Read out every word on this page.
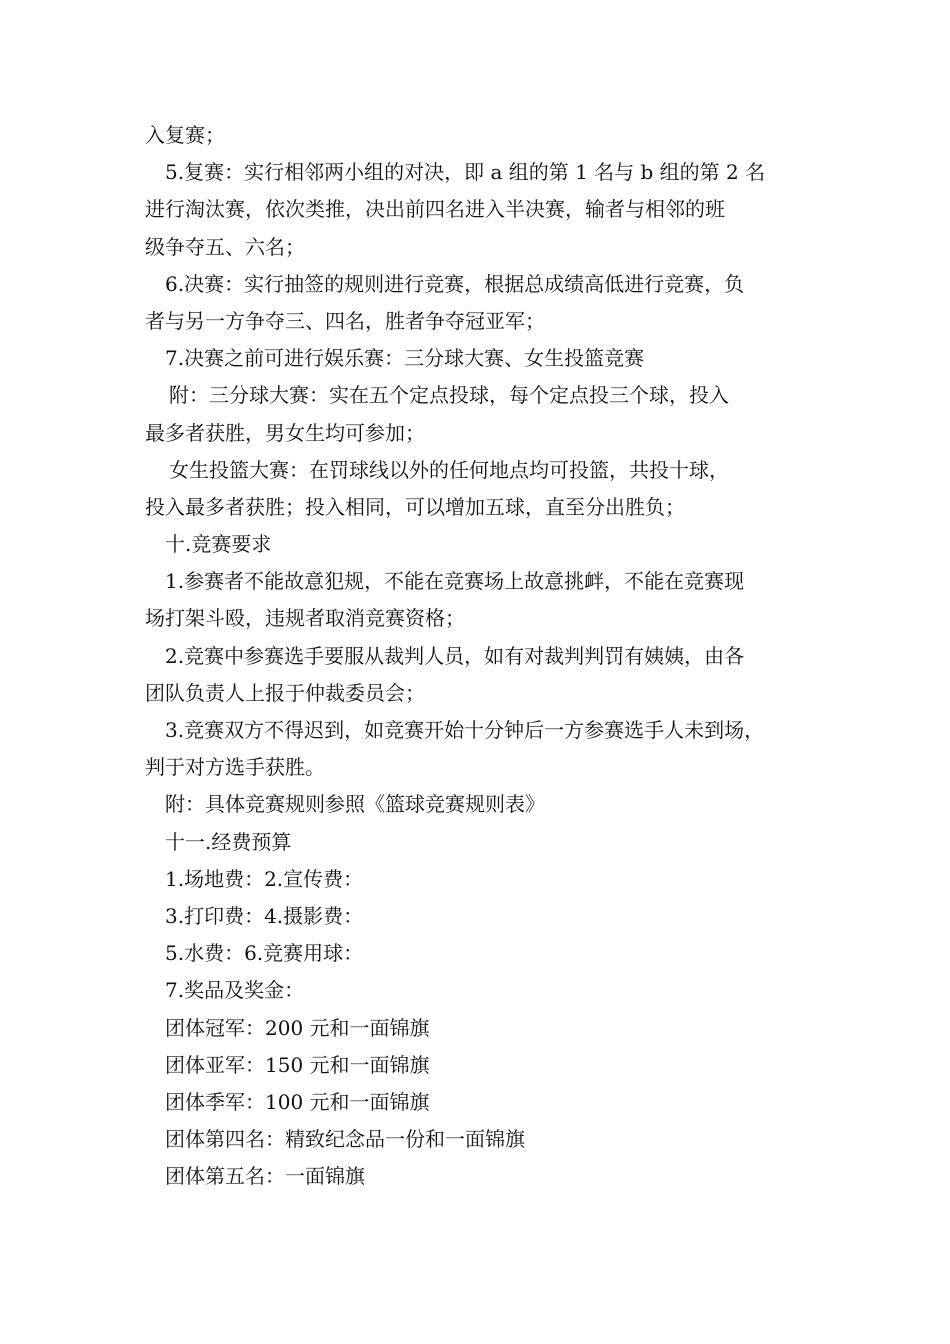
入复赛；
5.复赛：实行相邻两小组的对决，即 a 组的第 1 名与 b 组的第 2 名
进行淘汰赛，依次类推，决出前四名进入半决赛，输者与相邻的班
级争夺五、六名；
6.决赛：实行抽签的规则进行竞赛，根据总成绩高低进行竞赛，负
者与另一方争夺三、四名，胜者争夺冠亚军；
7.决赛之前可进行娱乐赛：三分球大赛、女生投篮竞赛
附：三分球大赛：实在五个定点投球，每个定点投三个球，投入
最多者获胜，男女生均可参加；
女生投篮大赛：在罚球线以外的任何地点均可投篮，共投十球，
投入最多者获胜；投入相同，可以增加五球，直至分出胜负；
十.竞赛要求
1.参赛者不能故意犯规，不能在竞赛场上故意挑衅，不能在竞赛现
场打架斗殴，违规者取消竞赛资格；
2.竞赛中参赛选手要服从裁判人员，如有对裁判判罚有姨姨，由各
团队负责人上报于仲裁委员会；
3.竞赛双方不得迟到，如竞赛开始十分钟后一方参赛选手人未到场，
判于对方选手获胜。
附：具体竞赛规则参照《篮球竞赛规则表》
十一.经费预算
1.场地费：2.宣传费：
3.打印费：4.摄影费：
5.水费：6.竞赛用球：
7.奖品及奖金：
团体冠军：200 元和一面锦旗
团体亚军：150 元和一面锦旗
团体季军：100 元和一面锦旗
团体第四名：精致纪念品一份和一面锦旗
团体第五名：一面锦旗
